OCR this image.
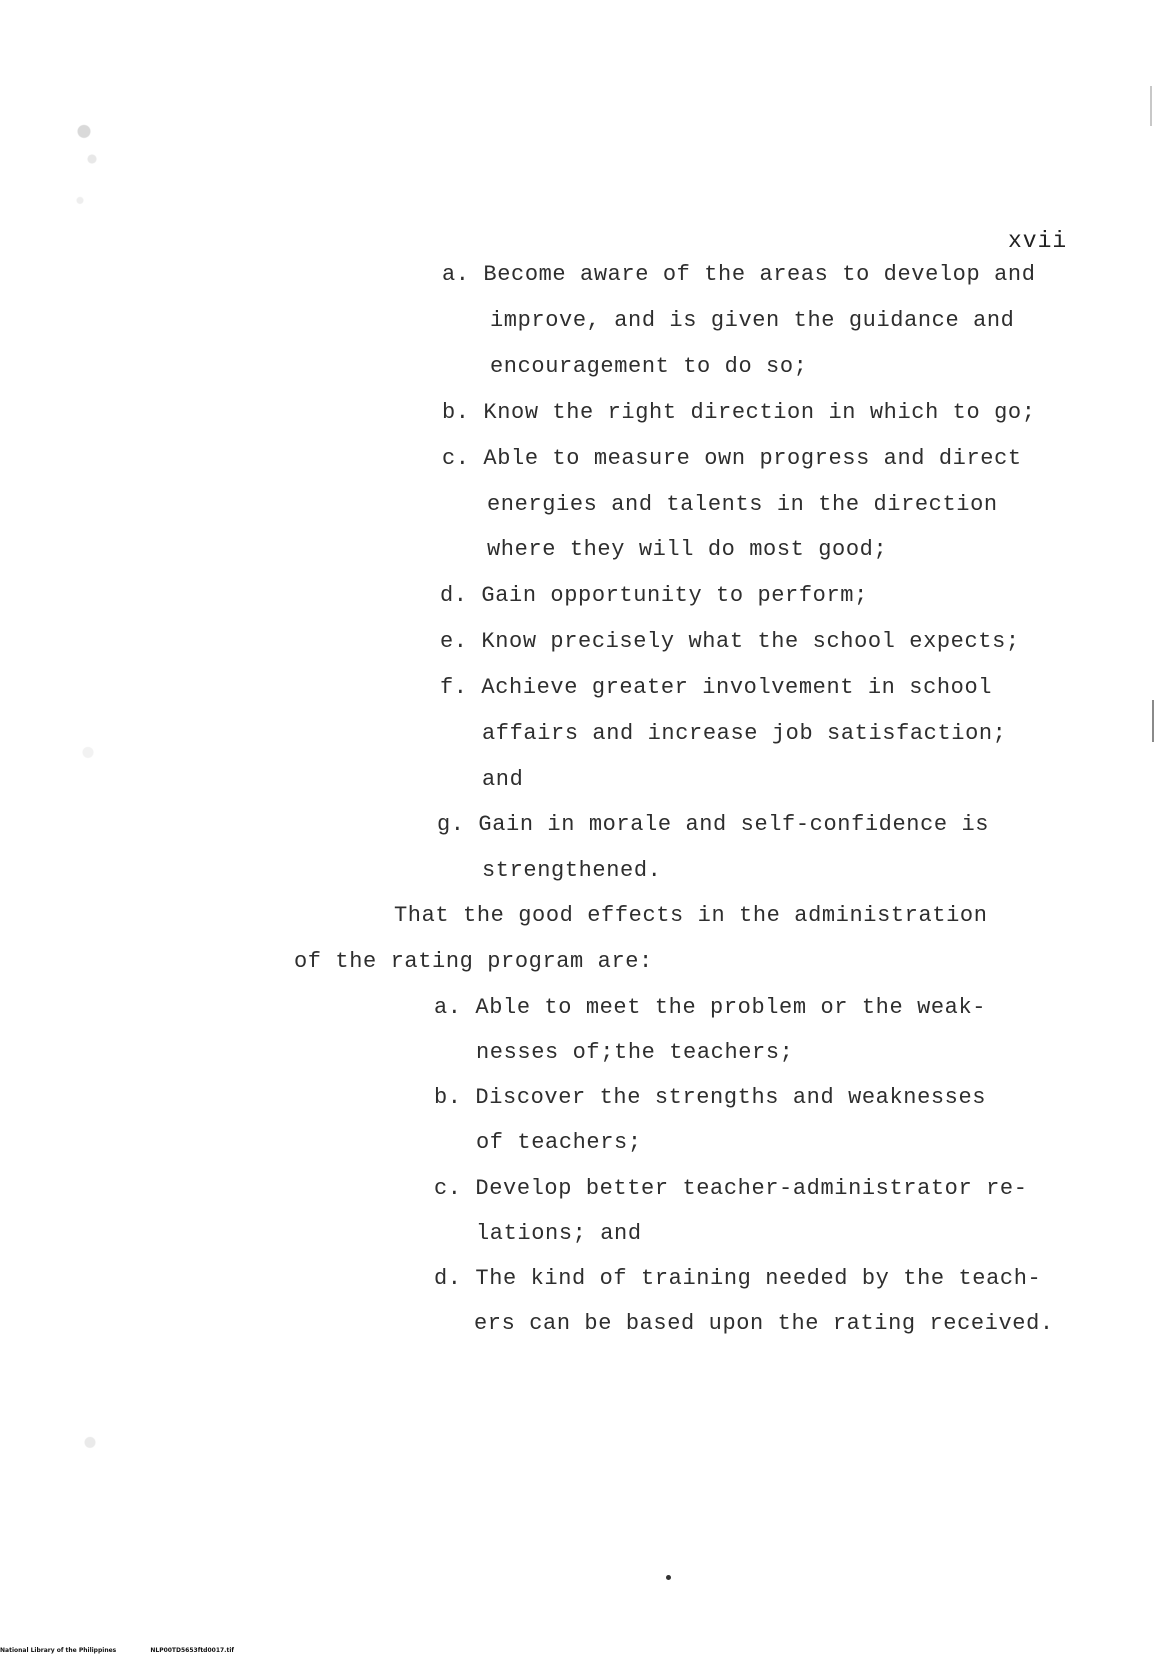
xvii
a. Become aware of the areas to develop and
improve, and is given the guidance and
encouragement to do so;
b. Know the right direction in which to go;
c. Able to measure own progress and direct
energies and talents in the direction
where they will do most good;
d. Gain opportunity to perform;
e. Know precisely what the school expects;
f. Achieve greater involvement in school
affairs and increase job satisfaction;
and
g. Gain in morale and self-confidence is
strengthened.
That the good effects in the administration
of the rating program are:
a. Able to meet the problem or the weak-
nesses of;the teachers;
b. Discover the strengths and weaknesses
of teachers;
c. Develop better teacher-administrator re-
lations; and
d. The kind of training needed by the teach-
ers can be based upon the rating received.
National Library of the Philippines	NLP00TD5653ftd0017.tif
